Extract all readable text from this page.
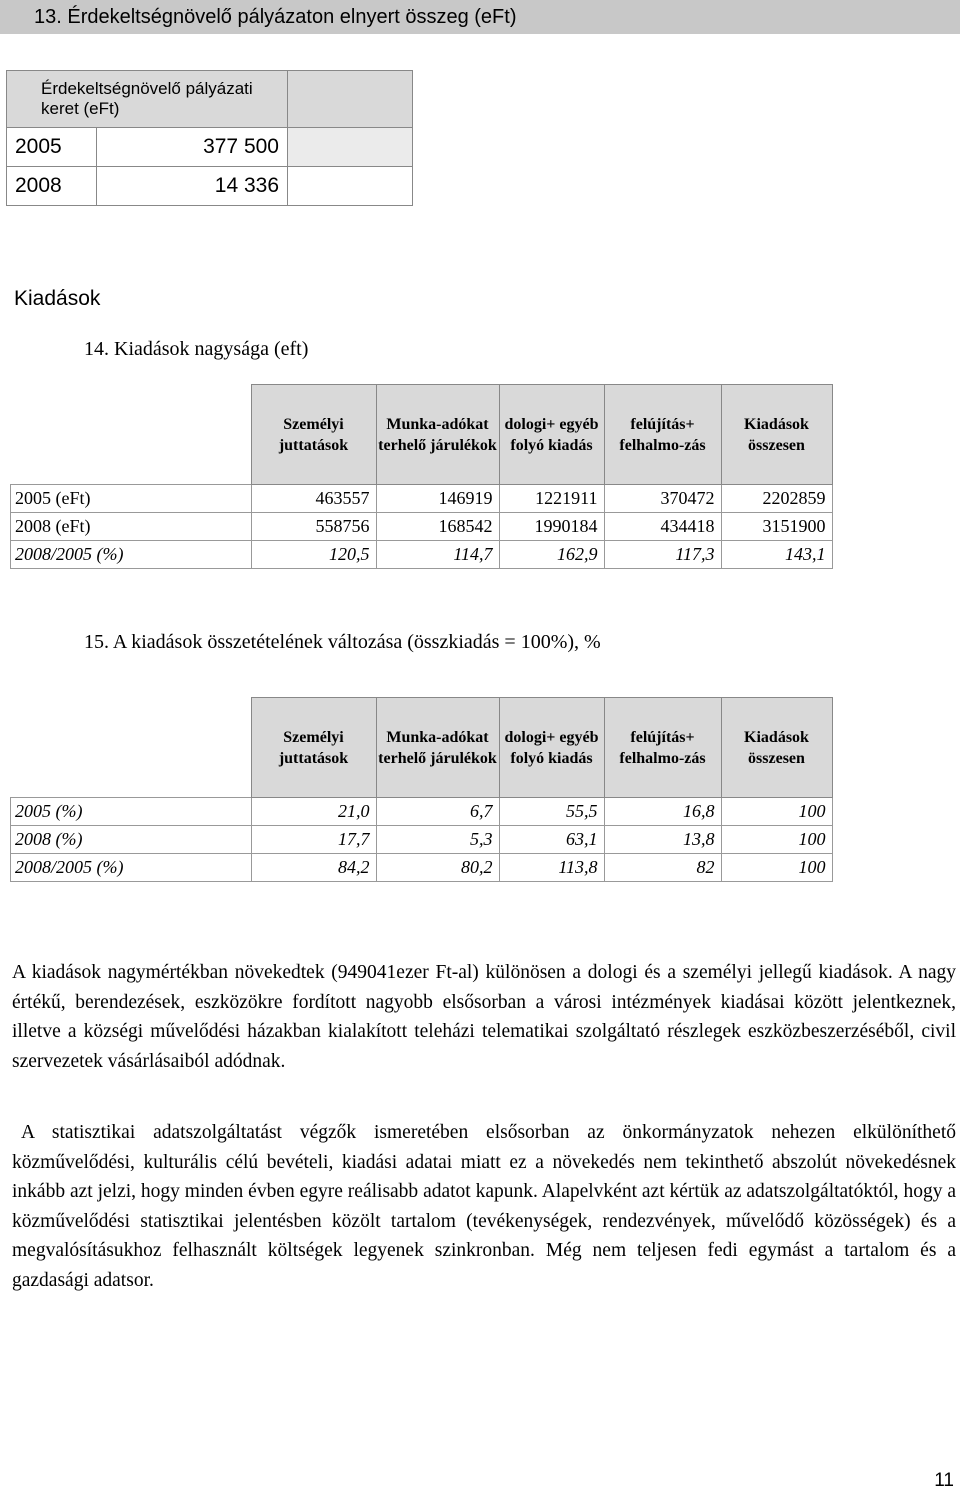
13. Érdekeltségnövelő pályázaton elnyert összeg (eFt)
Érdekeltségnövelő pályázati keret (eFt)		
2005	377 500	
2008	14 336	
Kiadások
14. Kiadások nagysága (eft)
	Személyi juttatások	Munka-adókat terhelő járulékok	dologi+ egyéb folyó kiadás	felújítás+ felhalmo-zás	Kiadások összesen
2005 (eFt)	463557	146919	1221911	370472	2202859
2008 (eFt)	558756	168542	1990184	434418	3151900
2008/2005 (%)	120,5	114,7	162,9	117,3	143,1
15. A kiadások összetételének változása (összkiadás = 100%), %
	Személyi juttatások	Munka-adókat terhelő járulékok	dologi+ egyéb folyó kiadás	felújítás+ felhalmo-zás	Kiadások összesen
2005 (%)	21,0	6,7	55,5	16,8	100
2008 (%)	17,7	5,3	63,1	13,8	100
2008/2005 (%)	84,2	80,2	113,8	82	100

A kiadások nagymértékban növekedtek (949041ezer Ft-al) különösen a dologi és a személyi jellegű kiadások. A nagy értékű, berendezések, eszközökre fordított nagyobb elsősorban a városi intézmények kiadásai között jelentkeznek, illetve a községi művelődési házakban kialakított teleházi telematikai szolgáltató részlegek eszközbeszerzéséből, civil szervezetek vásárlásaiból adódnak.

A statisztikai adatszolgáltatást végzők ismeretében elsősorban az önkormányzatok nehezen elkülöníthető közművelődési, kulturális célú bevételi, kiadási adatai miatt ez a növekedés nem tekinthető abszolút növekedésnek inkább azt jelzi, hogy minden évben egyre reálisabb adatot kapunk. Alapelvként azt kértük az adatszolgáltatóktól, hogy a közművelődési statisztikai jelentésben közölt tartalom (tevékenységek, rendezvények, művelődő közösségek) és a megvalósításukhoz felhasznált költségek legyenek szinkronban. Még nem teljesen fedi egymást a tartalom és a gazdasági adatsor.

11
